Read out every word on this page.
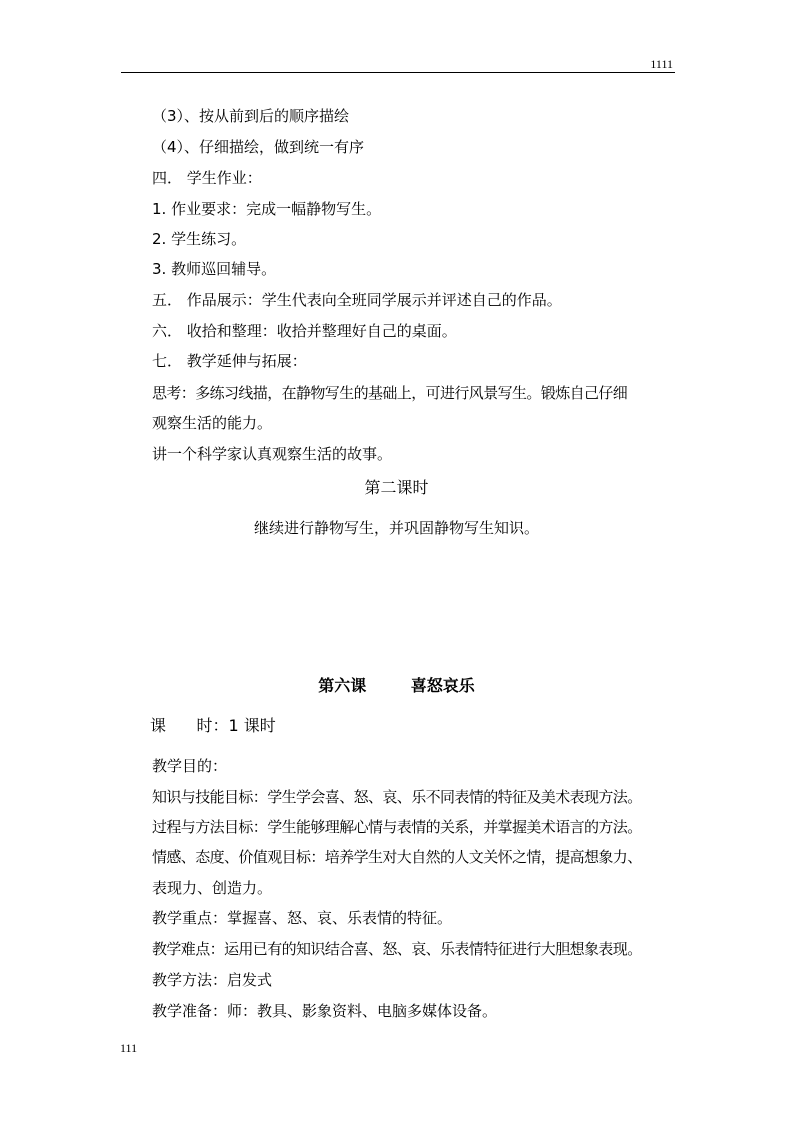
1111
（3）、按从前到后的顺序描绘
（4）、仔细描绘，做到统一有序
四． 学生作业：
1. 作业要求：完成一幅静物写生。
2. 学生练习。
3. 教师巡回辅导。
五． 作品展示：学生代表向全班同学展示并评述自己的作品。
六． 收拾和整理：收拾并整理好自己的桌面。
七． 教学延伸与拓展：
思考：多练习线描，在静物写生的基础上，可进行风景写生。锻炼自己仔细
观察生活的能力。
讲一个科学家认真观察生活的故事。
第二课时
继续进行静物写生，并巩固静物写生知识。
第六课        喜怒哀乐
课      时：1 课时
教学目的：
知识与技能目标：学生学会喜、怒、哀、乐不同表情的特征及美术表现方法。
过程与方法目标：学生能够理解心情与表情的关系，并掌握美术语言的方法。
情感、态度、价值观目标：培养学生对大自然的人文关怀之情，提高想象力、
表现力、创造力。
教学重点：掌握喜、怒、哀、乐表情的特征。
教学难点：运用已有的知识结合喜、怒、哀、乐表情特征进行大胆想象表现。
教学方法：启发式
教学准备：师：教具、影象资料、电脑多媒体设备。
111
